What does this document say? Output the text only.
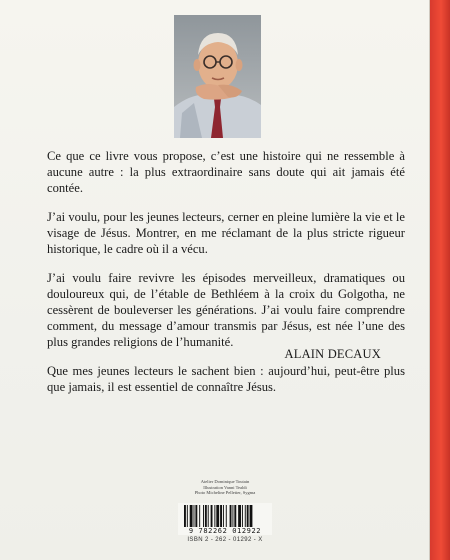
Ce que ce livre vous propose, c’est une histoire qui ne ressemble à aucune autre : la plus extraordinaire sans doute qui ait jamais été contée.

J’ai voulu, pour les jeunes lecteurs, cerner en pleine lumière la vie et le visage de Jésus. Montrer, en me réclamant de la plus stricte rigueur historique, le cadre où il a vécu.

J’ai voulu faire revivre les épisodes merveilleux, dramatiques ou douloureux qui, de l’étable de Bethléem à la croix du Golgotha, ne cessèrent de bouleverser les générations. J’ai voulu faire comprendre comment, du message d’amour transmis par Jésus, est née l’une des plus grandes religions de l’humanité.

Que mes jeunes lecteurs le sachent bien : aujourd’hui, peut-être plus que jamais, il est essentiel de connaître Jésus.

ALAIN DECAUX
Atelier Dominique Toutain
Illustration Vanni Tealdi
Photo Micheline Pelletier, Sygma
9 782262 012922
ISBN 2 - 262 - 01292 - X
